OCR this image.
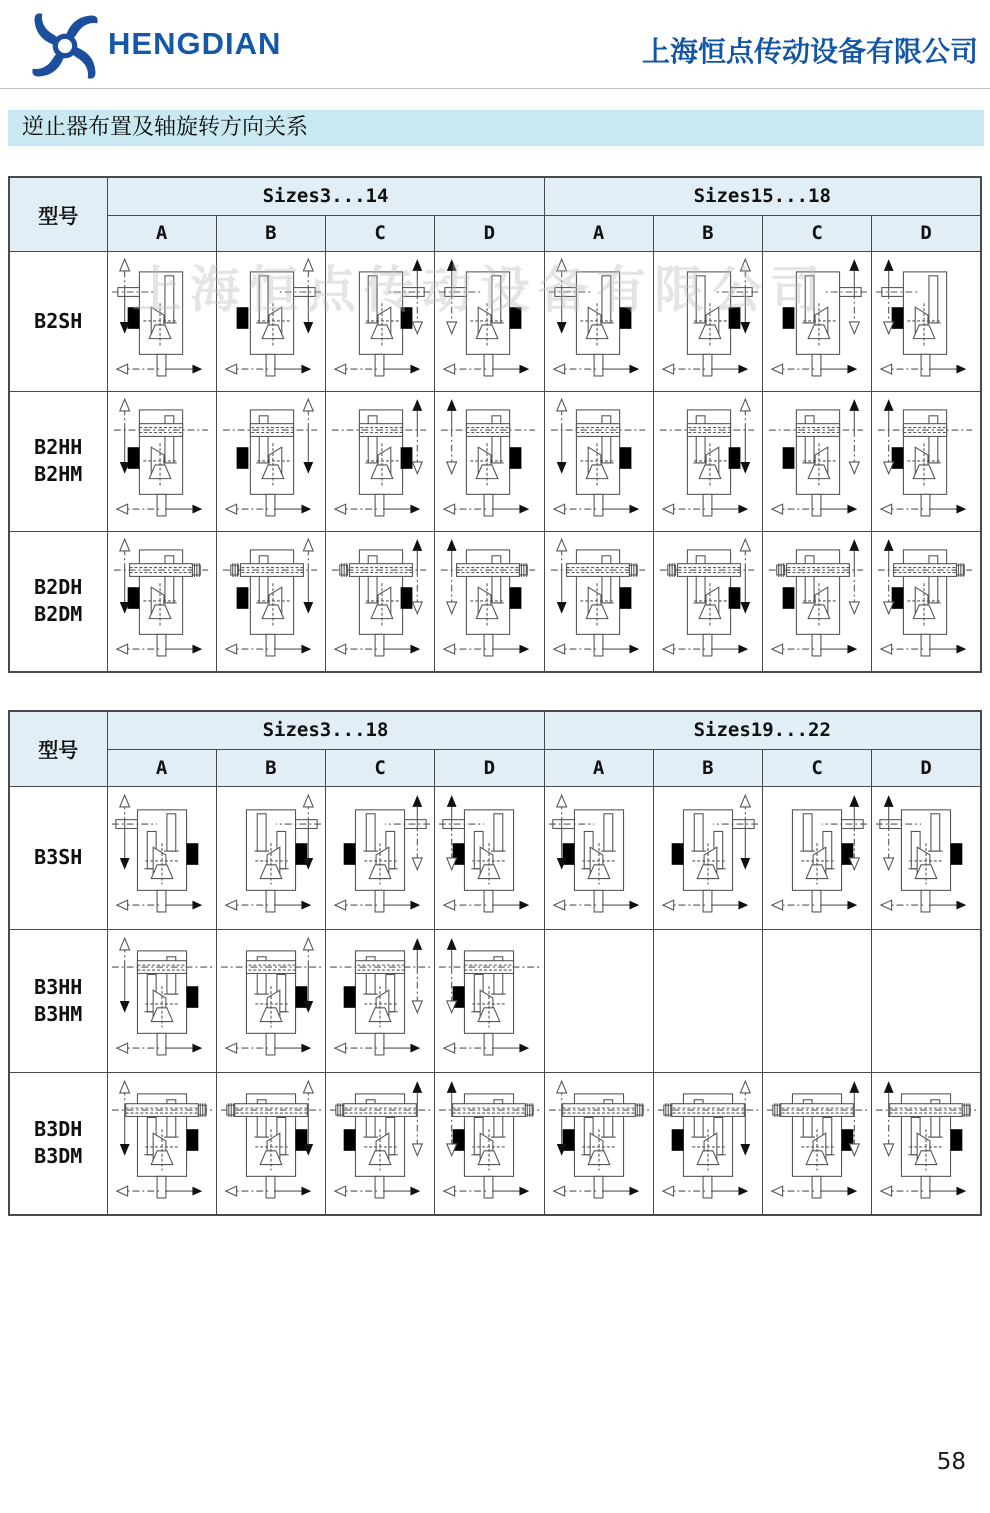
HENGDIAN	上海恒点传动设备有限公司
逆止器布置及轴旋转方向关系
型号	Sizes3...14				Sizes15...18			
	A	B	C	D	A	B	C	D
B2SH								
B2HH
B2HM								
B2DH
B2DM								
型号	Sizes3...18				Sizes19...22			
	A	B	C	D	A	B	C	D
B3SH								
B3HH
B3HM								
B3DH
B3DM								
上海恒点传动设备有限公司
58
